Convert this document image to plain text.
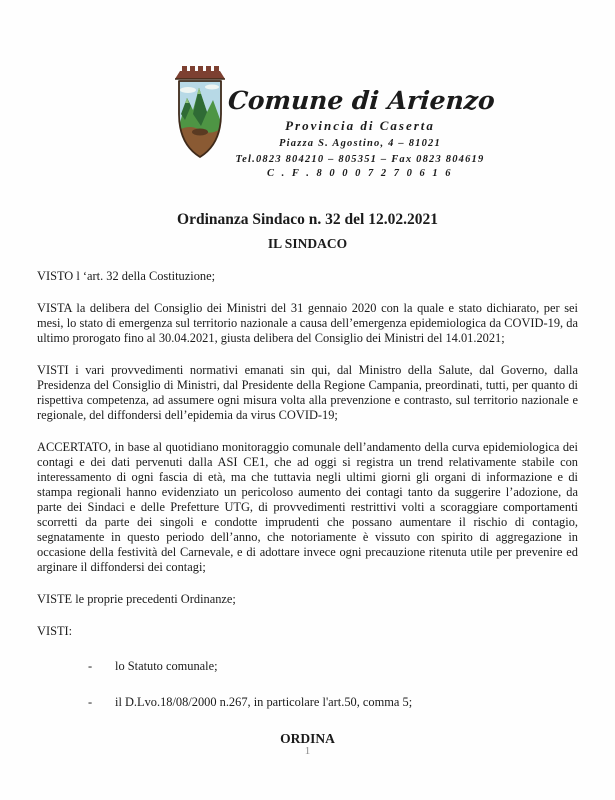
Comune di Arienzo
Provincia di Caserta
Piazza S. Agostino, 4 – 81021
Tel.0823 804210 – 805351 – Fax 0823 804619
C . F . 8 0 0 0 7 2 7 0 6 1 6
Ordinanza Sindaco n. 32 del 12.02.2021
IL SINDACO

VISTO l ‘art. 32 della Costituzione;

VISTA la delibera del Consiglio dei Ministri del 31 gennaio 2020 con la quale e stato dichiarato, per sei mesi, lo stato di emergenza sul territorio nazionale a causa dell’emergenza epidemiologica da COVID-19, da ultimo prorogato fino al 30.04.2021, giusta delibera del Consiglio dei Ministri del 14.01.2021;

VISTI i vari provvedimenti normativi emanati sin qui, dal Ministro della Salute, dal Governo, dalla Presidenza del Consiglio di Ministri, dal Presidente della Regione Campania, preordinati, tutti, per quanto di rispettiva competenza, ad assumere ogni misura volta alla prevenzione e contrasto, sul territorio nazionale e regionale, del diffondersi dell’epidemia da virus COVID-19;

ACCERTATO, in base al quotidiano monitoraggio comunale dell’andamento della curva epidemiologica dei contagi e dei dati pervenuti dalla ASI CE1, che ad oggi si registra un trend relativamente stabile con interessamento di ogni fascia di età, ma che tuttavia negli ultimi giorni gli organi di informazione e di stampa regionali hanno evidenziato un pericoloso aumento dei contagi tanto da suggerire l’adozione, da parte dei Sindaci e delle Prefetture UTG, di provvedimenti restrittivi volti a scoraggiare comportamenti scorretti da parte dei singoli e condotte imprudenti che possano aumentare il rischio di contagio, segnatamente in questo periodo dell’anno, che notoriamente è vissuto con spirito di aggregazione in occasione della festività del Carnevale, e di adottare invece ogni precauzione ritenuta utile per prevenire ed arginare il diffondersi dei contagi;

VISTE le proprie precedenti Ordinanze;

VISTI:

- lo Statuto comunale;
- il D.Lvo.18/08/2000 n.267, in particolare l'art.50, comma 5;
ORDINA
1
